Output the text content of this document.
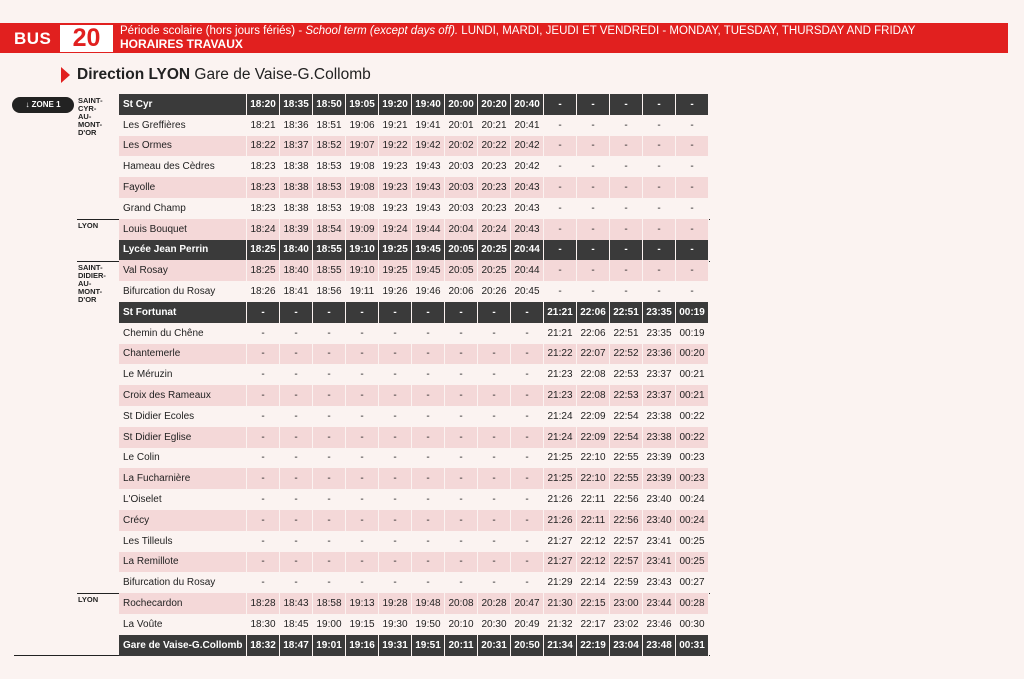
BUS 20	Période scolaire (hors jours fériés) - School term (except days off). LUNDI, MARDI, JEUDI ET VENDREDI - MONDAY, TUESDAY, THURSDAY AND FRIDAY
HORAIRES TRAVAUX
Direction LYON Gare de Vaise-G.Collomb
↓ ZONE 1	SAINT-
CYR-
AU-
MONT-
D'OR
LYON
SAINT-
DIDIER-
AU-
MONT-
D'OR
LYON
St Cyr	18:20	18:35	18:50	19:05	19:20	19:40	20:00	20:20	20:40	-	-	-	-	-
Les Greffières	18:21	18:36	18:51	19:06	19:21	19:41	20:01	20:21	20:41	-	-	-	-	-
Les Ormes	18:22	18:37	18:52	19:07	19:22	19:42	20:02	20:22	20:42	-	-	-	-	-
Hameau des Cèdres	18:23	18:38	18:53	19:08	19:23	19:43	20:03	20:23	20:42	-	-	-	-	-
Fayolle	18:23	18:38	18:53	19:08	19:23	19:43	20:03	20:23	20:43	-	-	-	-	-
Grand Champ	18:23	18:38	18:53	19:08	19:23	19:43	20:03	20:23	20:43	-	-	-	-	-
Louis Bouquet	18:24	18:39	18:54	19:09	19:24	19:44	20:04	20:24	20:43	-	-	-	-	-
Lycée Jean Perrin	18:25	18:40	18:55	19:10	19:25	19:45	20:05	20:25	20:44	-	-	-	-	-
Val Rosay	18:25	18:40	18:55	19:10	19:25	19:45	20:05	20:25	20:44	-	-	-	-	-
Bifurcation du Rosay	18:26	18:41	18:56	19:11	19:26	19:46	20:06	20:26	20:45	-	-	-	-	-
St Fortunat	-	-	-	-	-	-	-	-	-	21:21	22:06	22:51	23:35	00:19
Chemin du Chêne	-	-	-	-	-	-	-	-	-	21:21	22:06	22:51	23:35	00:19
Chantemerle	-	-	-	-	-	-	-	-	-	21:22	22:07	22:52	23:36	00:20
Le Méruzin	-	-	-	-	-	-	-	-	-	21:23	22:08	22:53	23:37	00:21
Croix des Rameaux	-	-	-	-	-	-	-	-	-	21:23	22:08	22:53	23:37	00:21
St Didier Ecoles	-	-	-	-	-	-	-	-	-	21:24	22:09	22:54	23:38	00:22
St Didier Eglise	-	-	-	-	-	-	-	-	-	21:24	22:09	22:54	23:38	00:22
Le Colin	-	-	-	-	-	-	-	-	-	21:25	22:10	22:55	23:39	00:23
La Fucharnière	-	-	-	-	-	-	-	-	-	21:25	22:10	22:55	23:39	00:23
L'Oiselet	-	-	-	-	-	-	-	-	-	21:26	22:11	22:56	23:40	00:24
Crécy	-	-	-	-	-	-	-	-	-	21:26	22:11	22:56	23:40	00:24
Les Tilleuls	-	-	-	-	-	-	-	-	-	21:27	22:12	22:57	23:41	00:25
La Remillote	-	-	-	-	-	-	-	-	-	21:27	22:12	22:57	23:41	00:25
Bifurcation du Rosay	-	-	-	-	-	-	-	-	-	21:29	22:14	22:59	23:43	00:27
Rochecardon	18:28	18:43	18:58	19:13	19:28	19:48	20:08	20:28	20:47	21:30	22:15	23:00	23:44	00:28
La Voûte	18:30	18:45	19:00	19:15	19:30	19:50	20:10	20:30	20:49	21:32	22:17	23:02	23:46	00:30
Gare de Vaise-G.Collomb	18:32	18:47	19:01	19:16	19:31	19:51	20:11	20:31	20:50	21:34	22:19	23:04	23:48	00:31
